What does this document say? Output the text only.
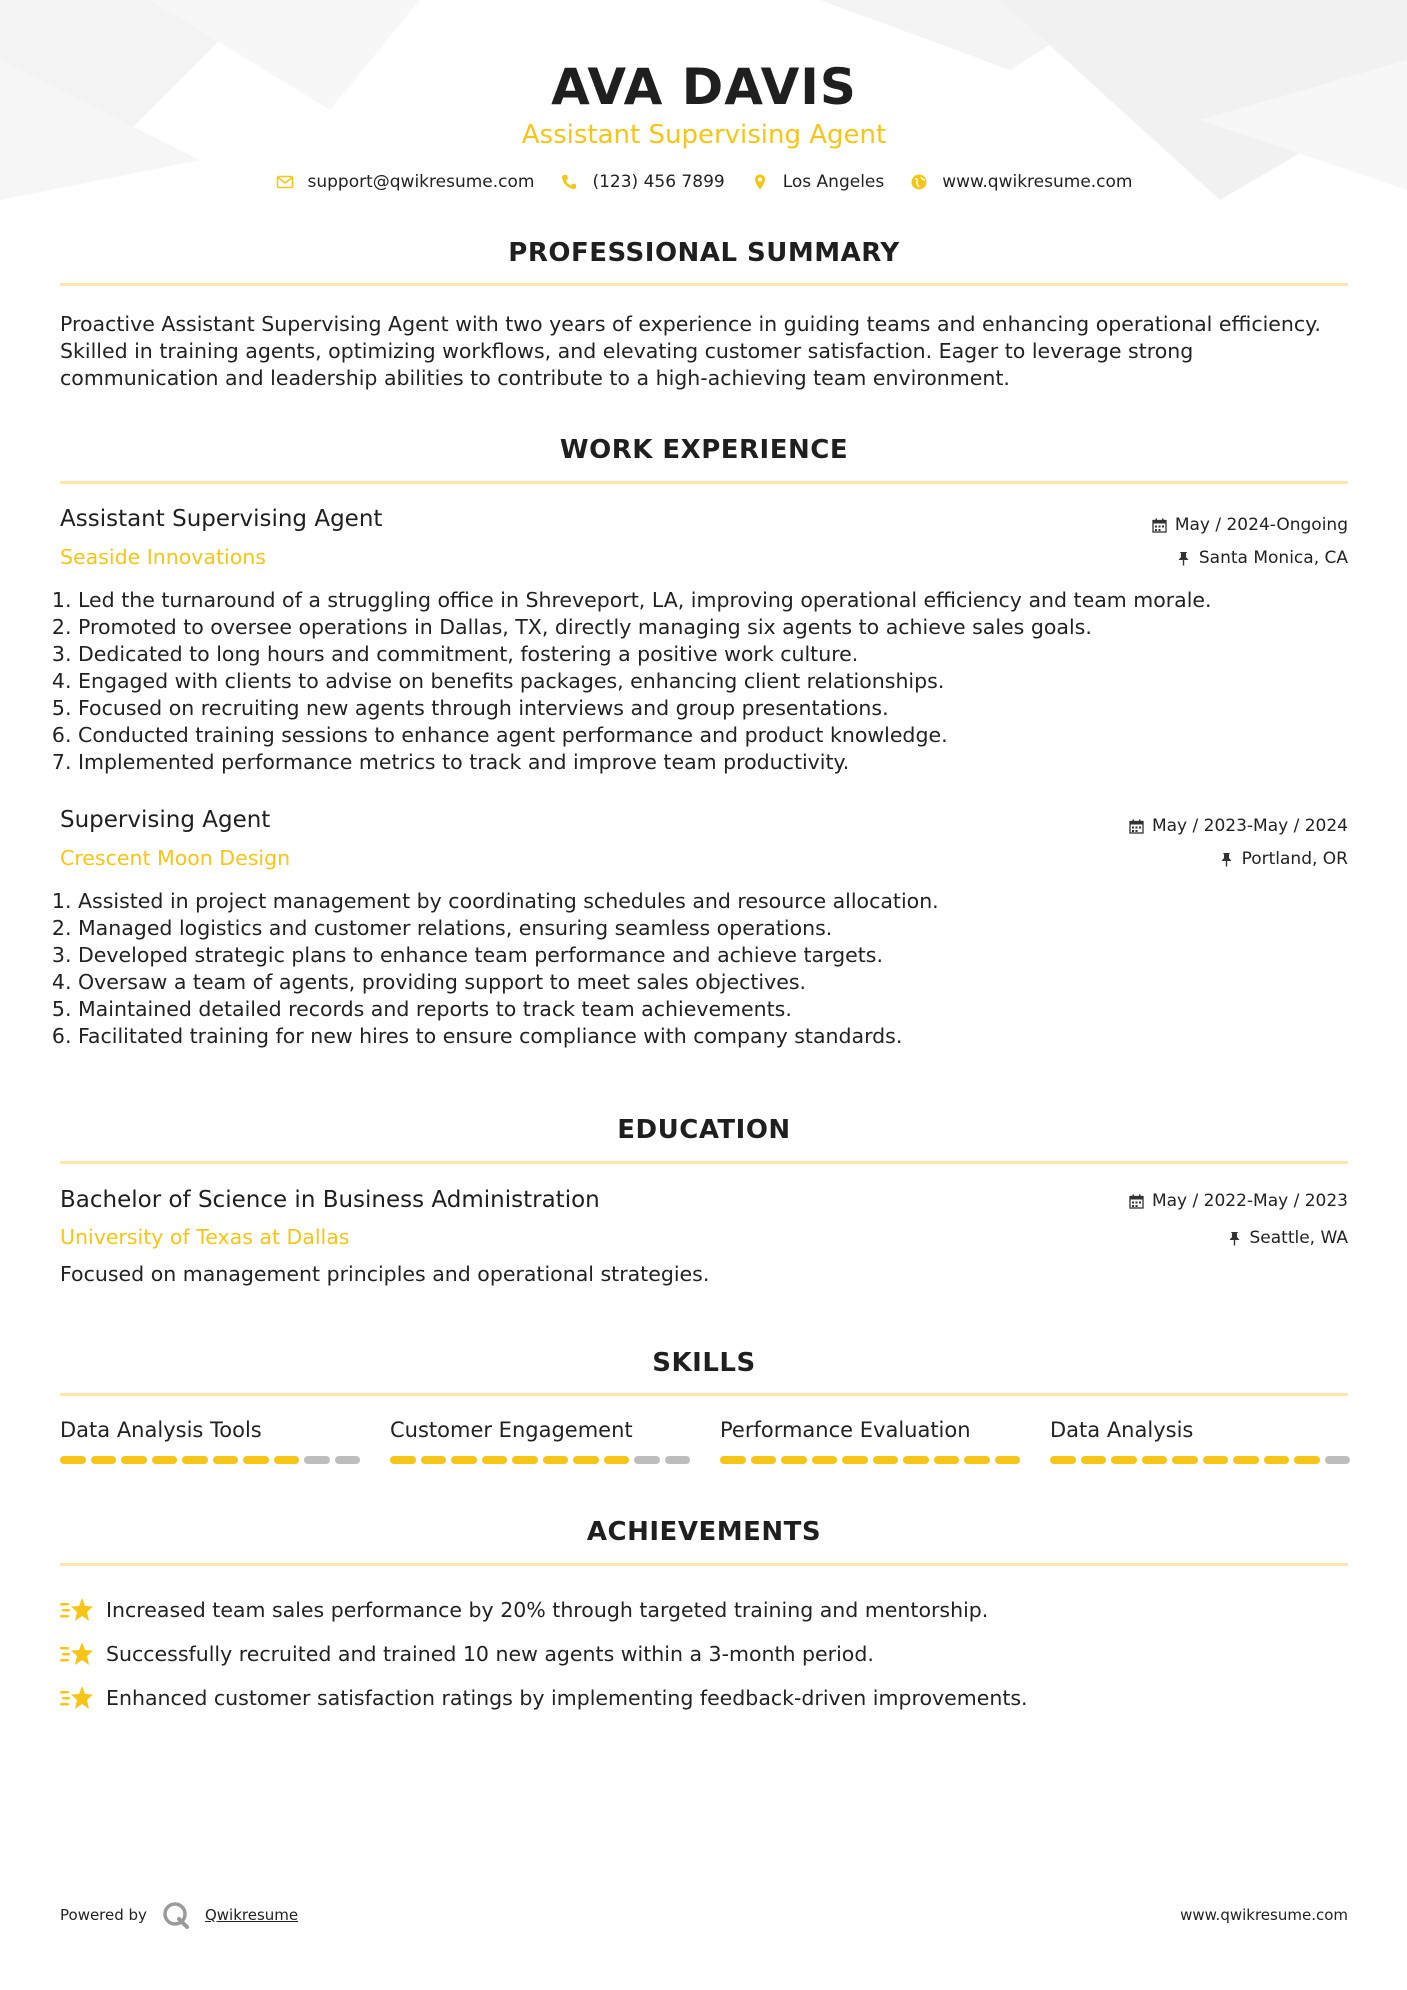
AVA DAVIS
Assistant Supervising Agent
support@qwikresume.com	(123) 456 7899	Los Angeles	www.qwikresume.com
PROFESSIONAL SUMMARY
Proactive Assistant Supervising Agent with two years of experience in guiding teams and enhancing operational efficiency. Skilled in training agents, optimizing workflows, and elevating customer satisfaction. Eager to leverage strong communication and leadership abilities to contribute to a high-achieving team environment.
WORK EXPERIENCE
Assistant Supervising Agent	May / 2024-Ongoing
Seaside Innovations	Santa Monica, CA
1. Led the turnaround of a struggling office in Shreveport, LA, improving operational efficiency and team morale.
2. Promoted to oversee operations in Dallas, TX, directly managing six agents to achieve sales goals.
3. Dedicated to long hours and commitment, fostering a positive work culture.
4. Engaged with clients to advise on benefits packages, enhancing client relationships.
5. Focused on recruiting new agents through interviews and group presentations.
6. Conducted training sessions to enhance agent performance and product knowledge.
7. Implemented performance metrics to track and improve team productivity.
Supervising Agent	May / 2023-May / 2024
Crescent Moon Design	Portland, OR
1. Assisted in project management by coordinating schedules and resource allocation.
2. Managed logistics and customer relations, ensuring seamless operations.
3. Developed strategic plans to enhance team performance and achieve targets.
4. Oversaw a team of agents, providing support to meet sales objectives.
5. Maintained detailed records and reports to track team achievements.
6. Facilitated training for new hires to ensure compliance with company standards.
EDUCATION
Bachelor of Science in Business Administration	May / 2022-May / 2023
University of Texas at Dallas	Seattle, WA
Focused on management principles and operational strategies.
SKILLS
Data Analysis Tools	Customer Engagement	Performance Evaluation	Data Analysis
ACHIEVEMENTS
Increased team sales performance by 20% through targeted training and mentorship.
Successfully recruited and trained 10 new agents within a 3-month period.
Enhanced customer satisfaction ratings by implementing feedback-driven improvements.
Powered by	Qwikresume	www.qwikresume.com
